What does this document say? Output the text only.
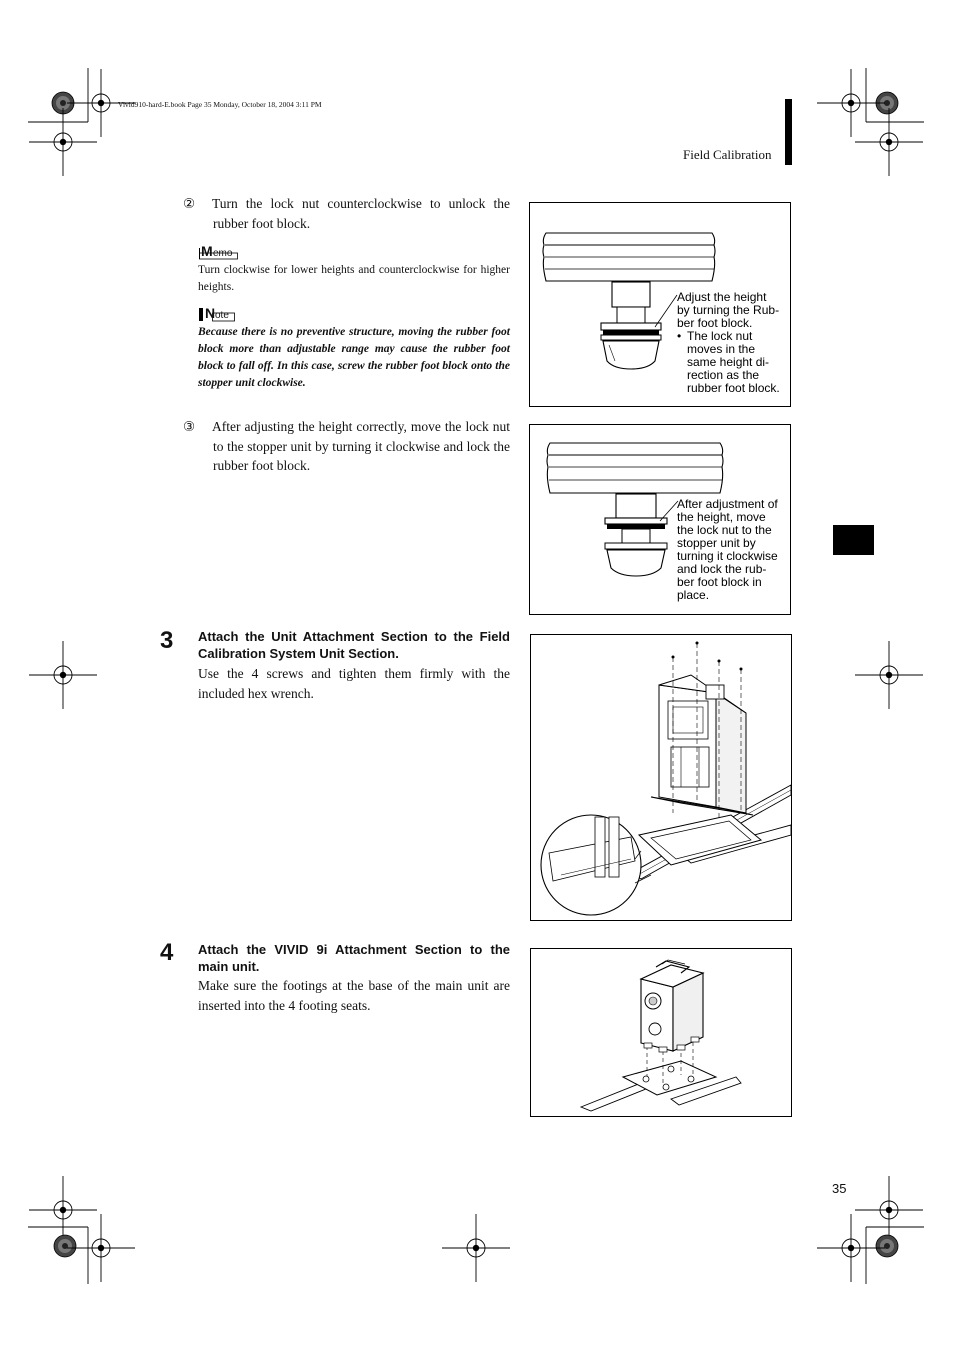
Vivid910-hard-E.book Page 35 Monday, October 18, 2004 3:11 PM
Field Calibration
② Turn the lock nut counterclockwise to unlock the rubber foot block.
M emo
Turn clockwise for lower heights and counterclockwise for higher heights.
N ote
Because there is no preventive structure, moving the rubber foot block more than adjustable range may cause the rubber foot block to fall off. In this case, screw the rubber foot block onto the stopper unit clockwise.
Adjust the height
by turning the Rub-
ber foot block.
• The lock nut
moves in the
same height di-
rection as the
rubber foot block.
③ After adjusting the height correctly, move the lock nut to the stopper unit by turning it clockwise and lock the rubber foot block.
After adjustment of
the height, move
the lock nut to the
stopper unit by
turning it clockwise
and lock the rub-
ber foot block in
place.
3 Attach the Unit Attachment Section to the Field Calibration System Unit Section.
Use the 4 screws and tighten them firmly with the included hex wrench.
4 Attach the VIVID 9i Attachment Section to the main unit.
Make sure the footings at the base of the main unit are inserted into the 4 footing seats.
35
